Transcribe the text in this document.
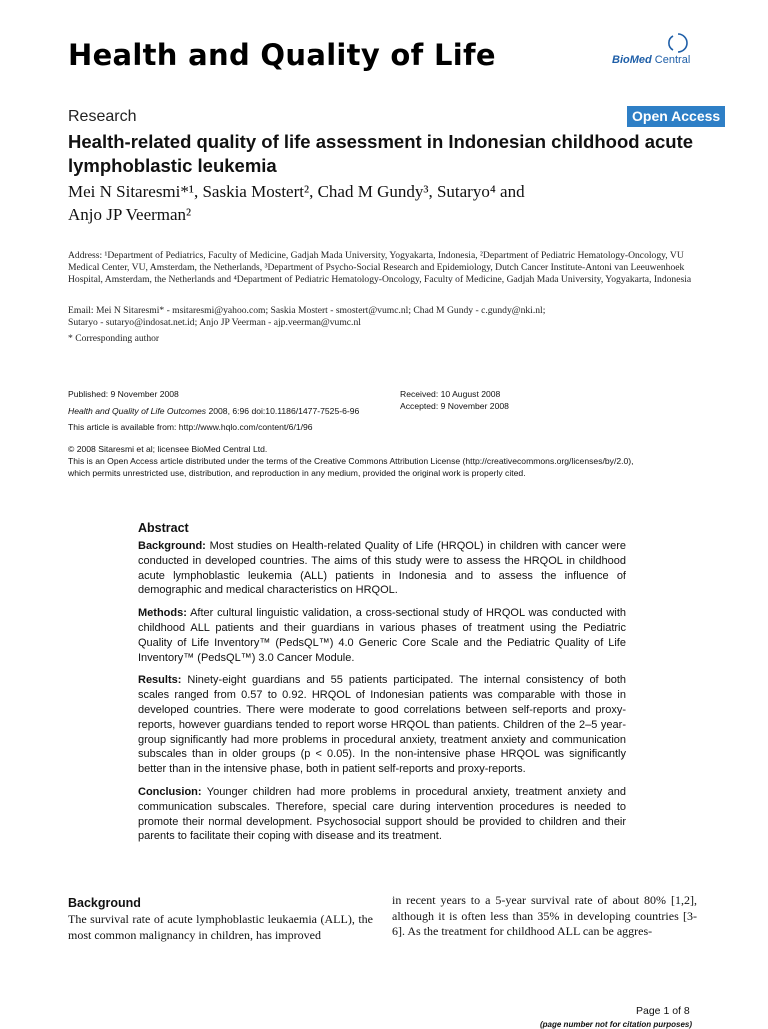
Health and Quality of Life	BioMed Central
Research	Open Access
Health-related quality of life assessment in Indonesian childhood acute lymphoblastic leukemia
Mei N Sitaresmi*¹, Saskia Mostert², Chad M Gundy³, Sutaryo⁴ and
Anjo JP Veerman²
Address: ¹Department of Pediatrics, Faculty of Medicine, Gadjah Mada University, Yogyakarta, Indonesia, ²Department of Pediatric Hematology-Oncology, VU Medical Center, VU, Amsterdam, the Netherlands, ³Department of Psycho-Social Research and Epidemiology, Dutch Cancer Institute-Antoni van Leeuwenhoek Hospital, Amsterdam, the Netherlands and ⁴Department of Pediatric Hematology-Oncology, Faculty of Medicine, Gadjah Mada University, Yogyakarta, Indonesia
Email: Mei N Sitaresmi* - msitaresmi@yahoo.com; Saskia Mostert - smostert@vumc.nl; Chad M Gundy - c.gundy@nki.nl;
Sutaryo - sutaryo@indosat.net.id; Anjo JP Veerman - ajp.veerman@vumc.nl
* Corresponding author
Published: 9 November 2008
Health and Quality of Life Outcomes 2008, 6:96 doi:10.1186/1477-7525-6-96
This article is available from: http://www.hqlo.com/content/6/1/96
Received: 10 August 2008
Accepted: 9 November 2008
© 2008 Sitaresmi et al; licensee BioMed Central Ltd.
This is an Open Access article distributed under the terms of the Creative Commons Attribution License (http://creativecommons.org/licenses/by/2.0),
which permits unrestricted use, distribution, and reproduction in any medium, provided the original work is properly cited.
Abstract

Background: Most studies on Health-related Quality of Life (HRQOL) in children with cancer were conducted in developed countries. The aims of this study were to assess the HRQOL in childhood acute lymphoblastic leukemia (ALL) patients in Indonesia and to assess the influence of demographic and medical characteristics on HRQOL.

Methods: After cultural linguistic validation, a cross-sectional study of HRQOL was conducted with childhood ALL patients and their guardians in various phases of treatment using the Pediatric Quality of Life Inventory™ (PedsQL™) 4.0 Generic Core Scale and the Pediatric Quality of Life Inventory™ (PedsQL™) 3.0 Cancer Module.

Results: Ninety-eight guardians and 55 patients participated. The internal consistency of both scales ranged from 0.57 to 0.92. HRQOL of Indonesian patients was comparable with those in developed countries. There were moderate to good correlations between self-reports and proxy-reports, however guardians tended to report worse HRQOL than patients. Children of the 2–5 year-group significantly had more problems in procedural anxiety, treatment anxiety and communication subscales than in older groups (p < 0.05). In the non-intensive phase HRQOL was significantly better than in the intensive phase, both in patient self-reports and proxy-reports.

Conclusion: Younger children had more problems in procedural anxiety, treatment anxiety and communication subscales. Therefore, special care during intervention procedures is needed to promote their normal development. Psychosocial support should be provided to children and their parents to facilitate their coping with disease and its treatment.

Background
The survival rate of acute lymphoblastic leukaemia (ALL), the most common malignancy in children, has improved
in recent years to a 5-year survival rate of about 80% [1,2], although it is often less than 35% in developing countries [3-6]. As the treatment for childhood ALL can be aggres-
Page 1 of 8
(page number not for citation purposes)
